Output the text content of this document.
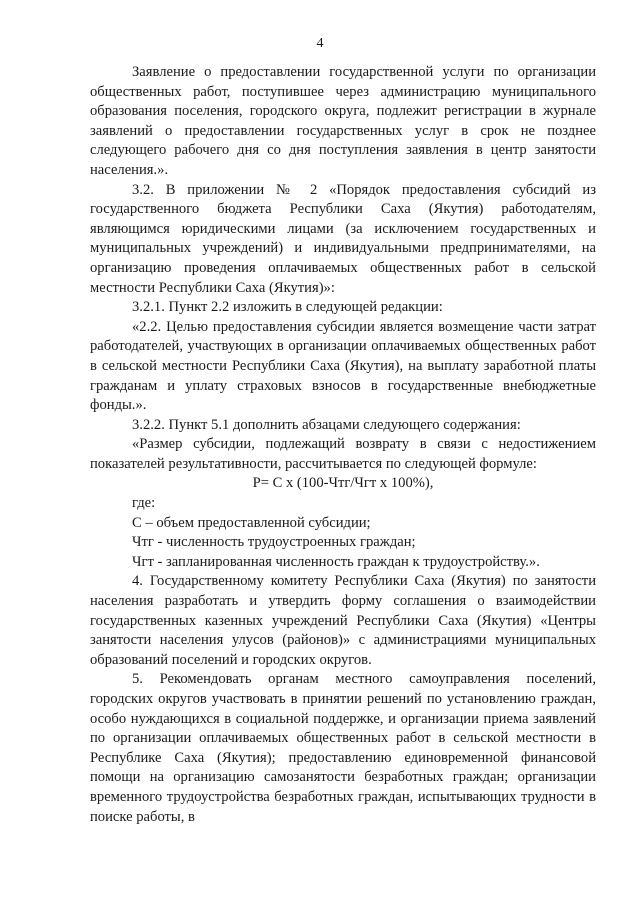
4

Заявление о предоставлении государственной услуги по организации общественных работ, поступившее через администрацию муниципального образования поселения, городского округа, подлежит регистрации в журнале заявлений о предоставлении государственных услуг в срок не позднее следующего рабочего дня со дня поступления заявления в центр занятости населения.».

3.2. В приложении № 2 «Порядок предоставления субсидий из государственного бюджета Республики Саха (Якутия) работодателям, являющимся юридическими лицами (за исключением государственных и муниципальных учреждений) и индивидуальными предпринимателями, на организацию проведения оплачиваемых общественных работ в сельской местности Республики Саха (Якутия)»:

3.2.1. Пункт 2.2 изложить в следующей редакции:

«2.2. Целью предоставления субсидии является возмещение части затрат работодателей, участвующих в организации оплачиваемых общественных работ в сельской местности Республики Саха (Якутия), на выплату заработной платы гражданам и уплату страховых взносов в государственные внебюджетные фонды.».

3.2.2. Пункт 5.1 дополнить абзацами следующего содержания:

«Размер субсидии, подлежащий возврату в связи с недостижением показателей результативности, рассчитывается по следующей формуле:

P= C x (100-Чтг/Чгт x 100%),

где:

C – объем предоставленной субсидии;

Чтг - численность трудоустроенных граждан;

Чгт - запланированная численность граждан к трудоустройству.».

4. Государственному комитету Республики Саха (Якутия) по занятости населения разработать и утвердить форму соглашения о взаимодействии государственных казенных учреждений Республики Саха (Якутия) «Центры занятости населения улусов (районов)» с администрациями муниципальных образований поселений и городских округов.

5. Рекомендовать органам местного самоуправления поселений, городских округов участвовать в принятии решений по установлению граждан, особо нуждающихся в социальной поддержке, и организации приема заявлений по организации оплачиваемых общественных работ в сельской местности в Республике Саха (Якутия); предоставлению единовременной финансовой помощи на организацию самозанятости безработных граждан; организации временного трудоустройства безработных граждан, испытывающих трудности в поиске работы, в
